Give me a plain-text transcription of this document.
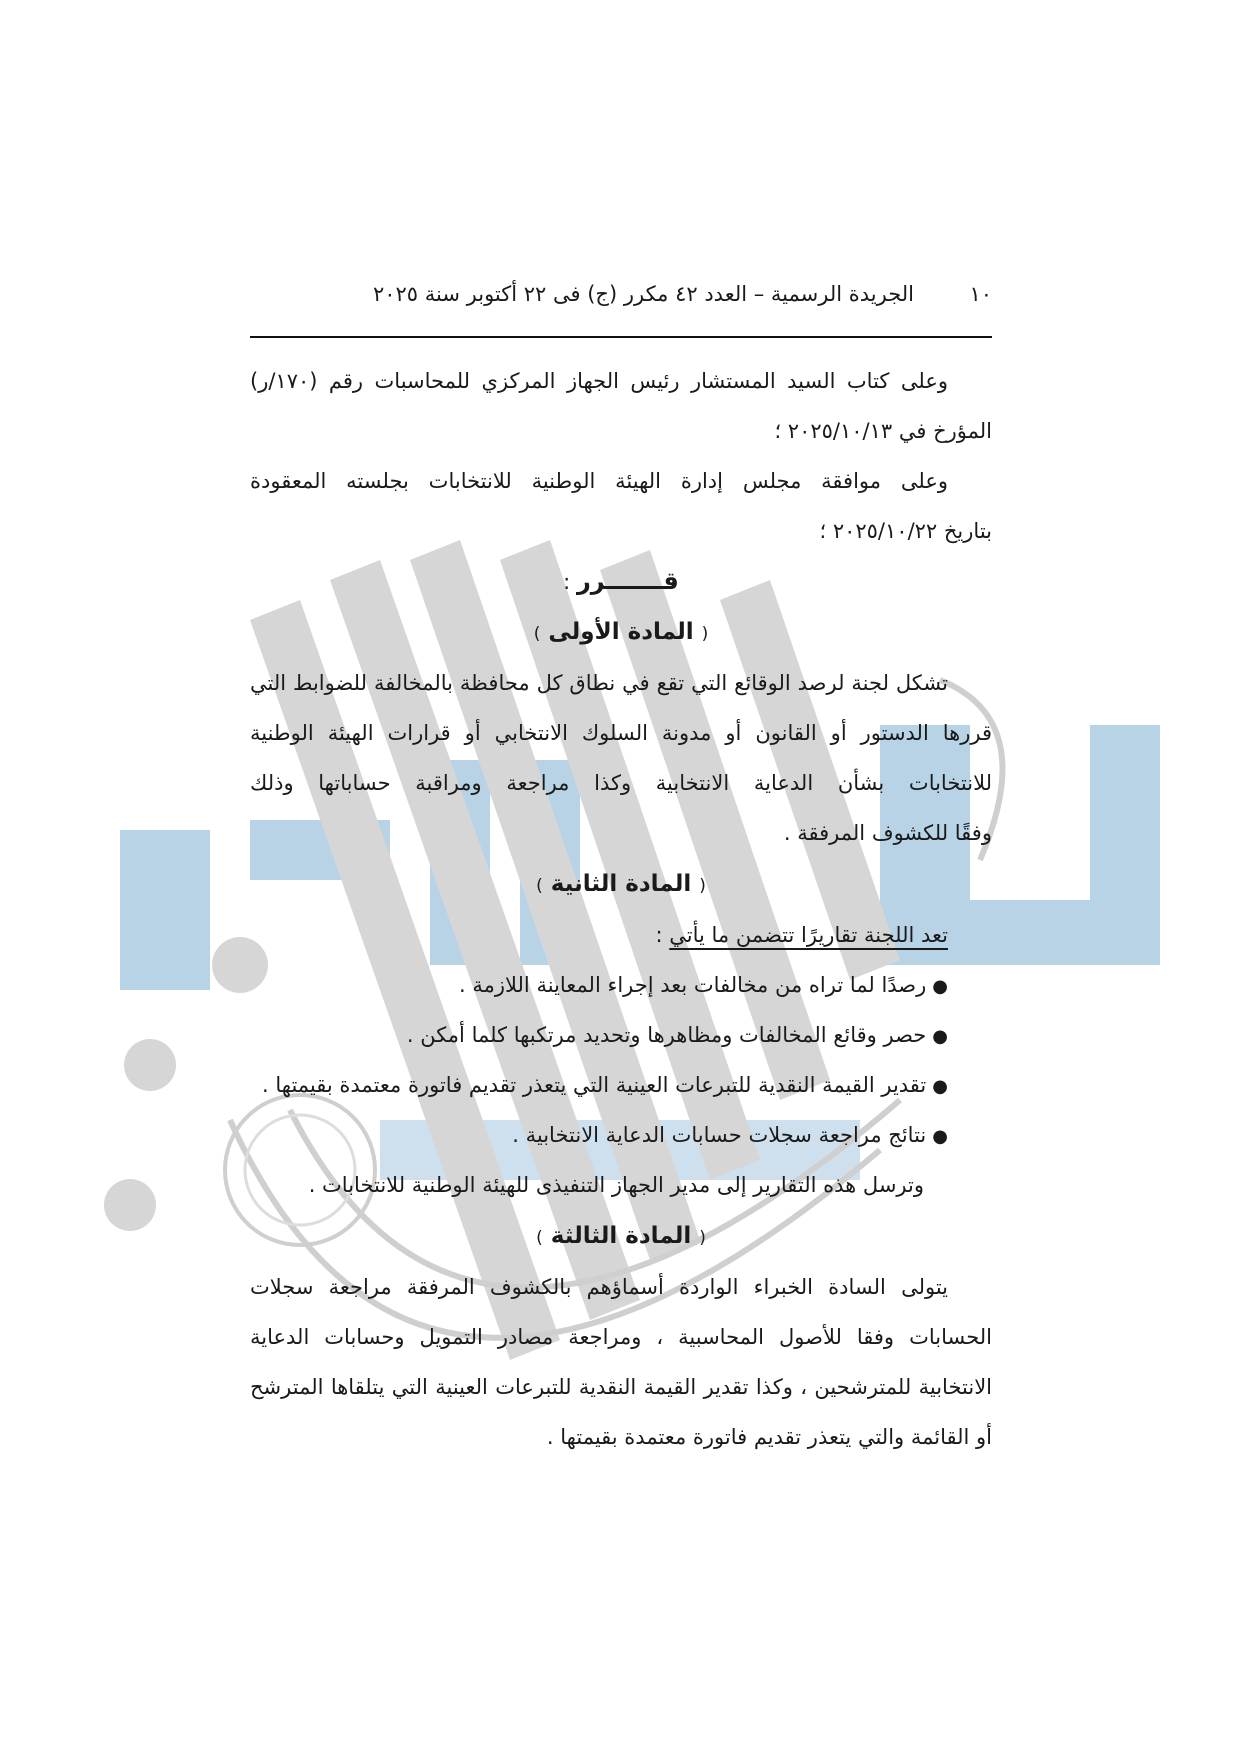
١٠
الجريدة الرسمية – العدد ٤٢ مكرر (ج) فى ٢٢ أكتوبر سنة ٢٠٢٥
وعلى كتاب السيد المستشار رئيس الجهاز المركزي للمحاسبات رقم (١٧٠/ر)
المؤرخ في ٢٠٢٥/١٠/١٣ ؛
وعلى موافقة مجلس إدارة الهيئة الوطنية للانتخابات بجلسته المعقودة
بتاريخ ٢٠٢٥/١٠/٢٢ ؛
قـــــــرر :
( المادة الأولى )
تشكل لجنة لرصد الوقائع التي تقع في نطاق كل محافظة بالمخالفة للضوابط التي
قررها الدستور أو القانون أو مدونة السلوك الانتخابي أو قرارات الهيئة الوطنية
للانتخابات بشأن الدعاية الانتخابية وكذا مراجعة ومراقبة حساباتها وذلك
وفقًا للكشوف المرفقة .
( المادة الثانية )
تعد اللجنة تقاريرًا تتضمن ما يأتي :
●رصدًا لما تراه من مخالفات بعد إجراء المعاينة اللازمة .
●حصر وقائع المخالفات ومظاهرها وتحديد مرتكبها كلما أمكن .
●تقدير القيمة النقدية للتبرعات العينية التي يتعذر تقديم فاتورة معتمدة بقيمتها .
●نتائج مراجعة سجلات حسابات الدعاية الانتخابية .
وترسل هذه التقارير إلى مدير الجهاز التنفيذى للهيئة الوطنية للانتخابات .
( المادة الثالثة )
يتولى السادة الخبراء الواردة أسماؤهم بالكشوف المرفقة مراجعة سجلات
الحسابات وفقا للأصول المحاسبية ، ومراجعة مصادر التمويل وحسابات الدعاية
الانتخابية للمترشحين ، وكذا تقدير القيمة النقدية للتبرعات العينية التي يتلقاها المترشح
أو القائمة والتي يتعذر تقديم فاتورة معتمدة بقيمتها .
